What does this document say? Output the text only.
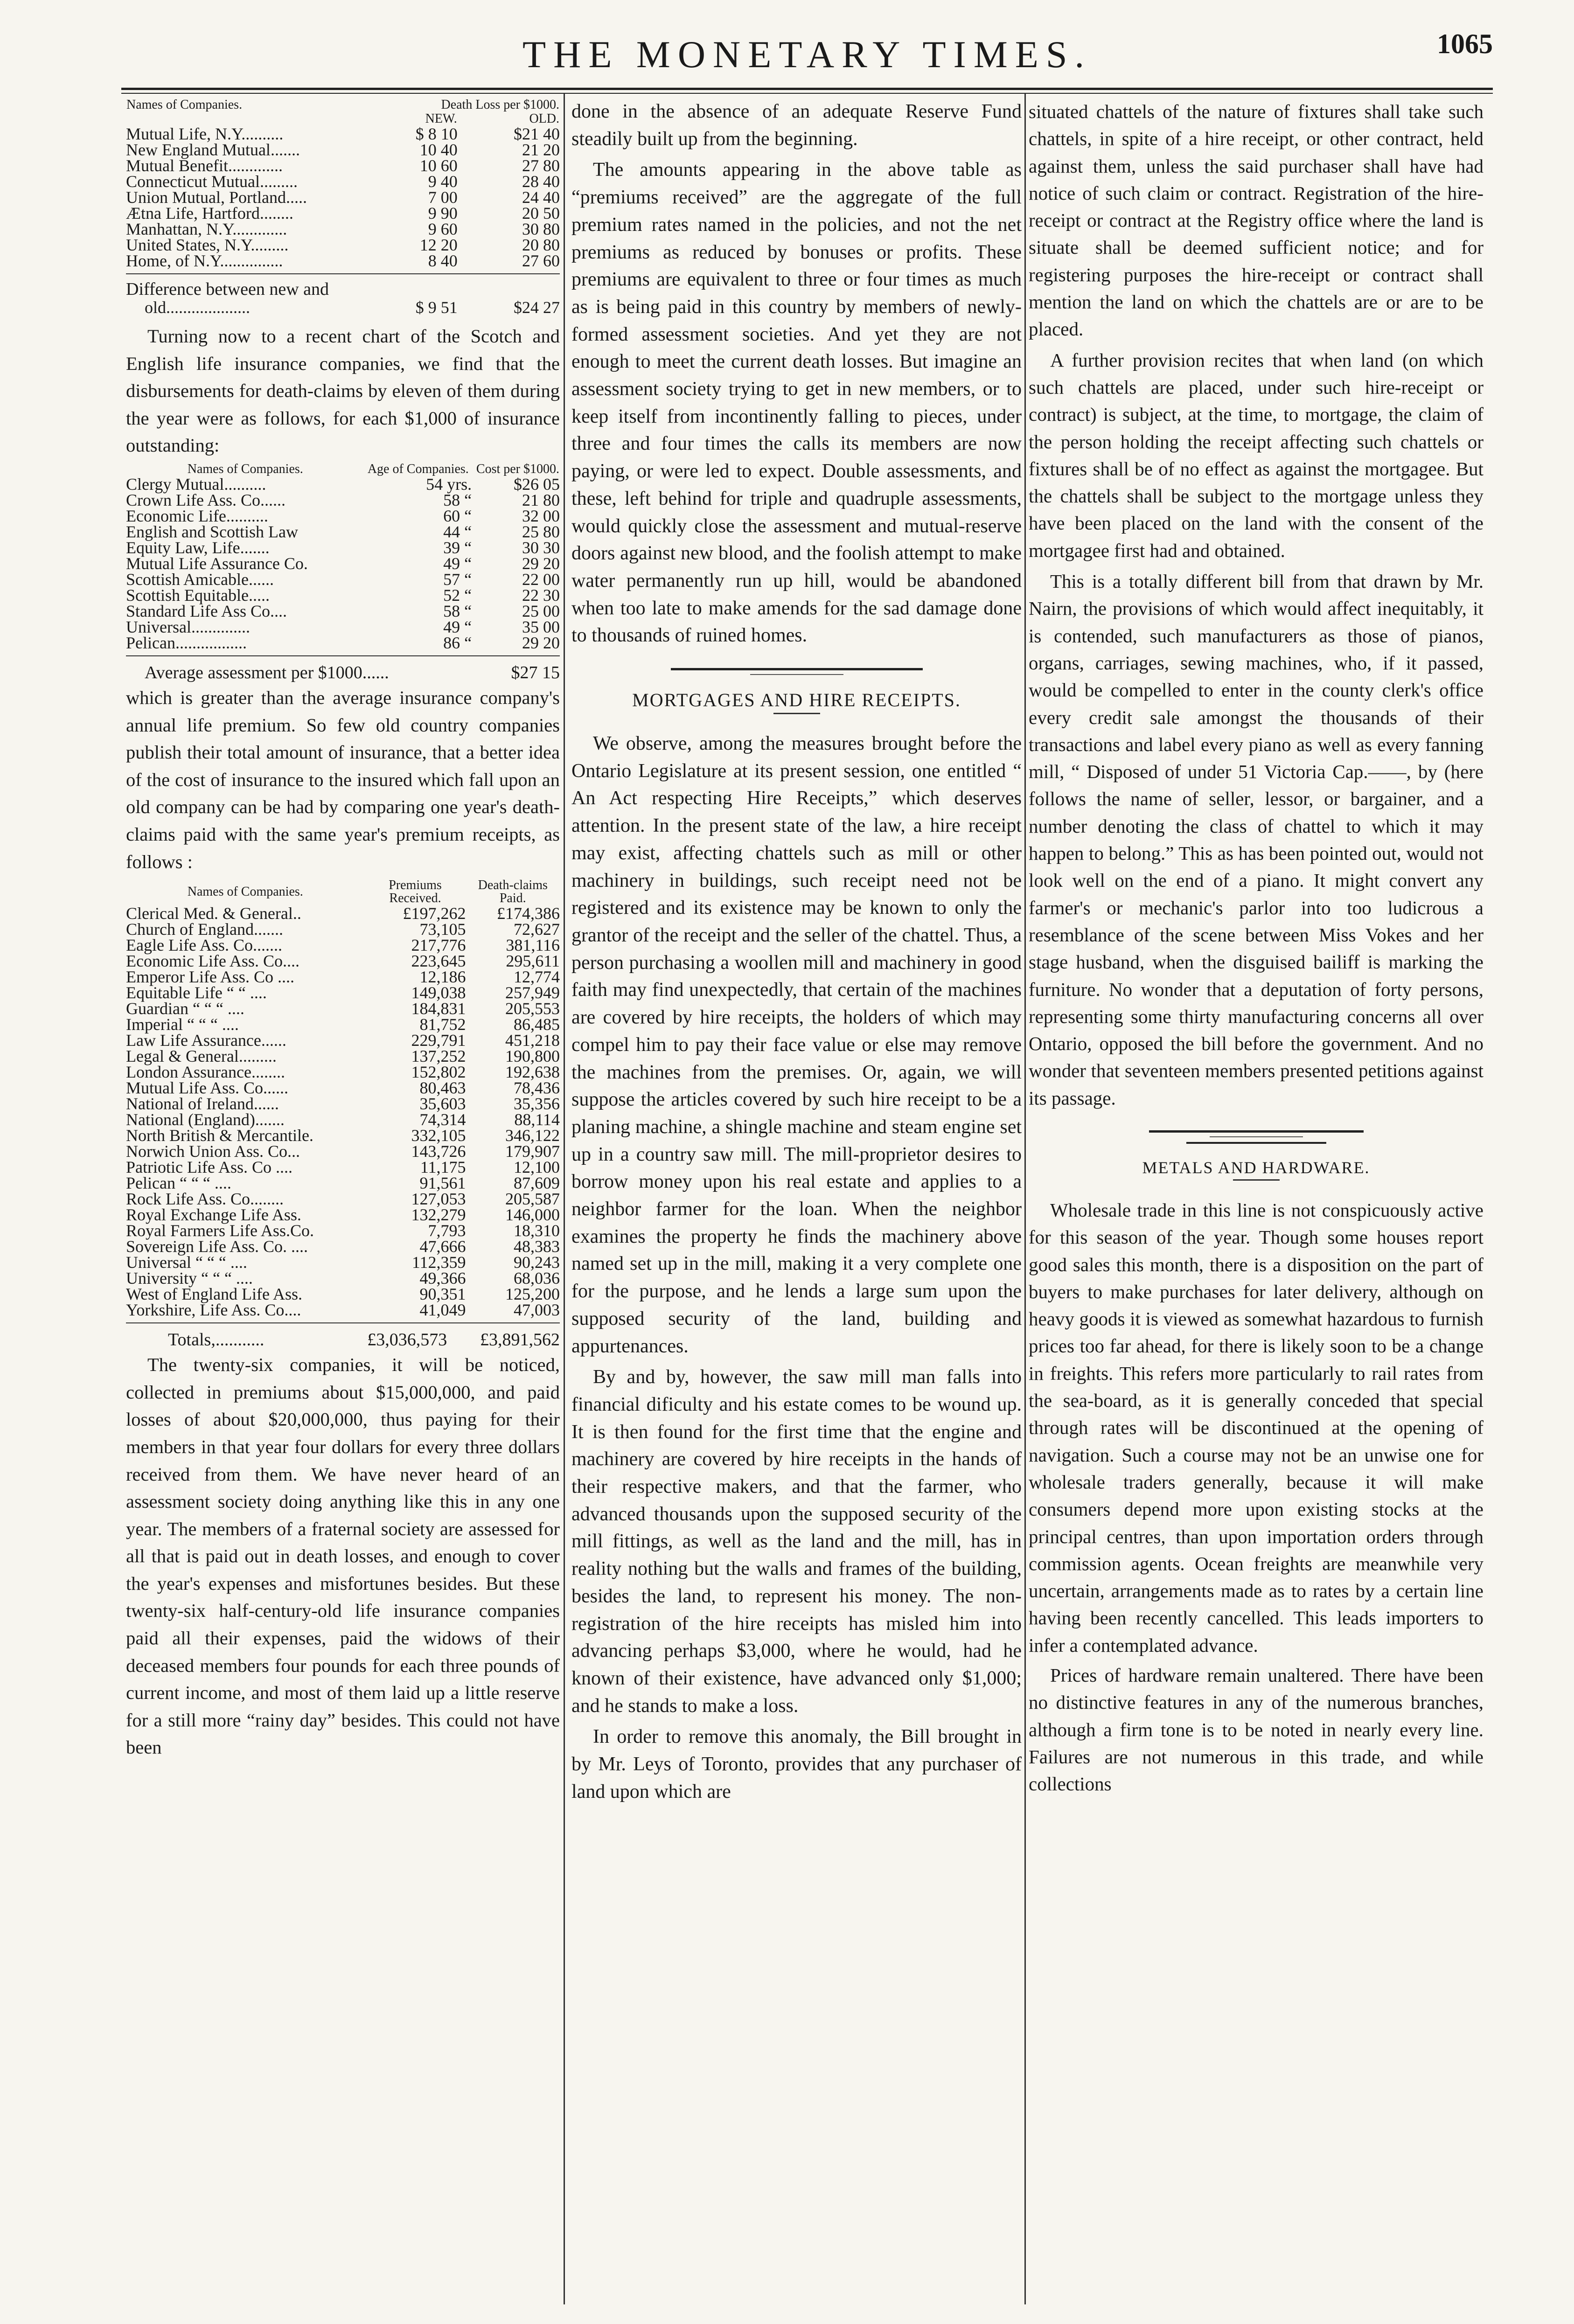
THE MONETARY TIMES.	1065
Names of Companies.	Death Loss per $1000.	
	NEW.	OLD.
Mutual Life, N.Y..........	$ 8 10	$21 40
New England Mutual.......	10 40	21 20
Mutual Benefit.............	10 60	27 80
Connecticut Mutual.........	9 40	28 40
Union Mutual, Portland.....	7 00	24 40
Ætna Life, Hartford........	9 90	20 50
Manhattan, N.Y.............	9 60	30 80
United States, N.Y.........	12 20	20 80
Home, of N.Y...............	8 40	27 60
Difference between new and
old....................	$ 9 51	$24 27

Turning now to a recent chart of the Scotch and English life insurance companies, we find that the disbursements for death-claims by eleven of them during the year were as follows, for each $1,000 of insurance outstanding:

Names of Companies.	Age of Companies.	Cost per $1000.
Clergy Mutual..........	54 yrs.	$26 05
Crown Life Ass. Co......	58 “	21 80
Economic Life..........	60 “	32 00
English and Scottish Law	44 “	25 80
Equity Law, Life.......	39 “	30 30
Mutual Life Assurance Co.	49 “	29 20
Scottish Amicable......	57 “	22 00
Scottish Equitable.....	52 “	22 30
Standard Life Ass Co....	58 “	25 00
Universal..............	49 “	35 00
Pelican.................	86 “	29 20
Average assessment per $1000......	$27 15

which is greater than the average insurance company's annual life premium. So few old country companies publish their total amount of insurance, that a better idea of the cost of insurance to the insured which fall upon an old company can be had by comparing one year's death-claims paid with the same year's premium receipts, as follows :

Names of Companies.	Premiums Received.	Death-claims Paid.
Clerical Med. & General..	£197,262	£174,386
Church of England.......	73,105	72,627
Eagle Life Ass. Co.......	217,776	381,116
Economic Life Ass. Co....	223,645	295,611
Emperor Life Ass. Co ....	12,186	12,774
Equitable Life “ “ ....	149,038	257,949
Guardian “ “ “ ....	184,831	205,553
Imperial “ “ “ ....	81,752	86,485
Law Life Assurance......	229,791	451,218
Legal & General.........	137,252	190,800
London Assurance........	152,802	192,638
Mutual Life Ass. Co......	80,463	78,436
National of Ireland......	35,603	35,356
National (England).......	74,314	88,114
North British & Mercantile.	332,105	346,122
Norwich Union Ass. Co...	143,726	179,907
Patriotic Life Ass. Co ....	11,175	12,100
Pelican “ “ “ ....	91,561	87,609
Rock Life Ass. Co........	127,053	205,587
Royal Exchange Life Ass.	132,279	146,000
Royal Farmers Life Ass.Co.	7,793	18,310
Sovereign Life Ass. Co. ....	47,666	48,383
Universal “ “ “ ....	112,359	90,243
University “ “ “ ....	49,366	68,036
West of England Life Ass.	90,351	125,200
Yorkshire, Life Ass. Co....	41,049	47,003
Totals,...........	£3,036,573	£3,891,562

The twenty-six companies, it will be noticed, collected in premiums about $15,000,000, and paid losses of about $20,000,000, thus paying for their members in that year four dollars for every three dollars received from them. We have never heard of an assessment society doing anything like this in any one year. The members of a fraternal society are assessed for all that is paid out in death losses, and enough to cover the year's expenses and misfortunes besides. But these twenty-six half-century-old life insurance companies paid all their expenses, paid the widows of their deceased members four pounds for each three pounds of current income, and most of them laid up a little reserve for a still more “rainy day” besides. This could not have been

done in the absence of an adequate Reserve Fund steadily built up from the beginning.

The amounts appearing in the above table as “premiums received” are the aggregate of the full premium rates named in the policies, and not the net premiums as reduced by bonuses or profits. These premiums are equivalent to three or four times as much as is being paid in this country by members of newly-formed assessment societies. And yet they are not enough to meet the current death losses. But imagine an assessment society trying to get in new members, or to keep itself from incontinently falling to pieces, under three and four times the calls its members are now paying, or were led to expect. Double assessments, and these, left behind for triple and quadruple assessments, would quickly close the assessment and mutual-reserve doors against new blood, and the foolish attempt to make water permanently run up hill, would be abandoned when too late to make amends for the sad damage done to thousands of ruined homes.

MORTGAGES AND HIRE RECEIPTS.

We observe, among the measures brought before the Ontario Legislature at its present session, one entitled “ An Act respecting Hire Receipts,” which deserves attention. In the present state of the law, a hire receipt may exist, affecting chattels such as mill or other machinery in buildings, such receipt need not be registered and its existence may be known to only the grantor of the receipt and the seller of the chattel. Thus, a person purchasing a woollen mill and machinery in good faith may find unexpectedly, that certain of the machines are covered by hire receipts, the holders of which may compel him to pay their face value or else may remove the machines from the premises. Or, again, we will suppose the articles covered by such hire receipt to be a planing machine, a shingle machine and steam engine set up in a country saw mill. The mill-proprietor desires to borrow money upon his real estate and applies to a neighbor farmer for the loan. When the neighbor examines the property he finds the machinery above named set up in the mill, making it a very complete one for the purpose, and he lends a large sum upon the supposed security of the land, building and appurtenances.

By and by, however, the saw mill man falls into financial dificulty and his estate comes to be wound up. It is then found for the first time that the engine and machinery are covered by hire receipts in the hands of their respective makers, and that the farmer, who advanced thousands upon the supposed security of the mill fittings, as well as the land and the mill, has in reality nothing but the walls and frames of the building, besides the land, to represent his money. The non-registration of the hire receipts has misled him into advancing perhaps $3,000, where he would, had he known of their existence, have advanced only $1,000; and he stands to make a loss.

In order to remove this anomaly, the Bill brought in by Mr. Leys of Toronto, provides that any purchaser of land upon which are

situated chattels of the nature of fixtures shall take such chattels, in spite of a hire receipt, or other contract, held against them, unless the said purchaser shall have had notice of such claim or contract. Registration of the hire-receipt or contract at the Registry office where the land is situate shall be deemed sufficient notice; and for registering purposes the hire-receipt or contract shall mention the land on which the chattels are or are to be placed.

A further provision recites that when land (on which such chattels are placed, under such hire-receipt or contract) is subject, at the time, to mortgage, the claim of the person holding the receipt affecting such chattels or fixtures shall be of no effect as against the mortgagee. But the chattels shall be subject to the mortgage unless they have been placed on the land with the consent of the mortgagee first had and obtained.

This is a totally different bill from that drawn by Mr. Nairn, the provisions of which would affect inequitably, it is contended, such manufacturers as those of pianos, organs, carriages, sewing machines, who, if it passed, would be compelled to enter in the county clerk's office every credit sale amongst the thousands of their transactions and label every piano as well as every fanning mill, “ Disposed of under 51 Victoria Cap.——, by (here follows the name of seller, lessor, or bargainer, and a number denoting the class of chattel to which it may happen to belong.” This as has been pointed out, would not look well on the end of a piano. It might convert any farmer's or mechanic's parlor into too ludicrous a resemblance of the scene between Miss Vokes and her stage husband, when the disguised bailiff is marking the furniture. No wonder that a deputation of forty persons, representing some thirty manufacturing concerns all over Ontario, opposed the bill before the government. And no wonder that seventeen members presented petitions against its passage.

METALS AND HARDWARE.

Wholesale trade in this line is not conspicuously active for this season of the year. Though some houses report good sales this month, there is a disposition on the part of buyers to make purchases for later delivery, although on heavy goods it is viewed as somewhat hazardous to furnish prices too far ahead, for there is likely soon to be a change in freights. This refers more particularly to rail rates from the sea-board, as it is generally conceded that special through rates will be discontinued at the opening of navigation. Such a course may not be an unwise one for wholesale traders generally, because it will make consumers depend more upon existing stocks at the principal centres, than upon importation orders through commission agents. Ocean freights are meanwhile very uncertain, arrangements made as to rates by a certain line having been recently cancelled. This leads importers to infer a contemplated advance.

Prices of hardware remain unaltered. There have been no distinctive features in any of the numerous branches, although a firm tone is to be noted in nearly every line. Failures are not numerous in this trade, and while collections
